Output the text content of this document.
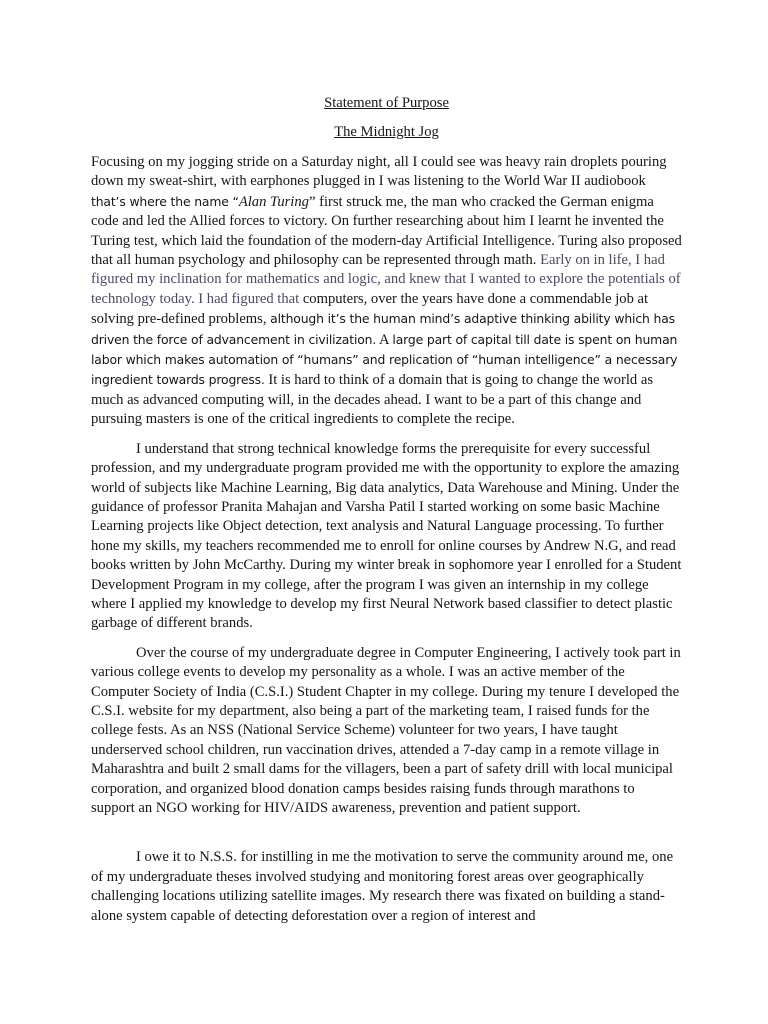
Statement of Purpose

The Midnight Jog

Focusing on my jogging stride on a Saturday night, all I could see was heavy rain droplets pouring down my sweat-shirt, with earphones plugged in I was listening to the World War II audiobook that’s where the name “Alan Turing” first struck me, the man who cracked the German enigma code and led the Allied forces to victory. On further researching about him I learnt he invented the Turing test, which laid the foundation of the modern-day Artificial Intelligence. Turing also proposed that all human psychology and philosophy can be represented through math. Early on in life, I had figured my inclination for mathematics and logic, and knew that I wanted to explore the potentials of technology today. I had figured that computers, over the years have done a commendable job at solving pre-defined problems, although it’s the human mind’s adaptive thinking ability which has driven the force of advancement in civilization. A large part of capital till date is spent on human labor which makes automation of “humans” and replication of “human intelligence” a necessary ingredient towards progress. It is hard to think of a domain that is going to change the world as much as advanced computing will, in the decades ahead. I want to be a part of this change and pursuing masters is one of the critical ingredients to complete the recipe.

I understand that strong technical knowledge forms the prerequisite for every successful profession, and my undergraduate program provided me with the opportunity to explore the amazing world of subjects like Machine Learning, Big data analytics, Data Warehouse and Mining. Under the guidance of professor Pranita Mahajan and Varsha Patil I started working on some basic Machine Learning projects like Object detection, text analysis and Natural Language processing. To further hone my skills, my teachers recommended me to enroll for online courses by Andrew N.G, and read books written by John McCarthy. During my winter break in sophomore year I enrolled for a Student Development Program in my college, after the program I was given an internship in my college where I applied my knowledge to develop my first Neural Network based classifier to detect plastic garbage of different brands.

Over the course of my undergraduate degree in Computer Engineering, I actively took part in various college events to develop my personality as a whole. I was an active member of the Computer Society of India (C.S.I.) Student Chapter in my college. During my tenure I developed the C.S.I. website for my department, also being a part of the marketing team, I raised funds for the college fests. As an NSS (National Service Scheme) volunteer for two years, I have taught underserved school children, run vaccination drives, attended a 7-day camp in a remote village in Maharashtra and built 2 small dams for the villagers, been a part of safety drill with local municipal corporation, and organized blood donation camps besides raising funds through marathons to support an NGO working for HIV/AIDS awareness, prevention and patient support.

I owe it to N.S.S. for instilling in me the motivation to serve the community around me, one of my undergraduate theses involved studying and monitoring forest areas over geographically challenging locations utilizing satellite images. My research there was fixated on building a stand-alone system capable of detecting deforestation over a region of interest and
